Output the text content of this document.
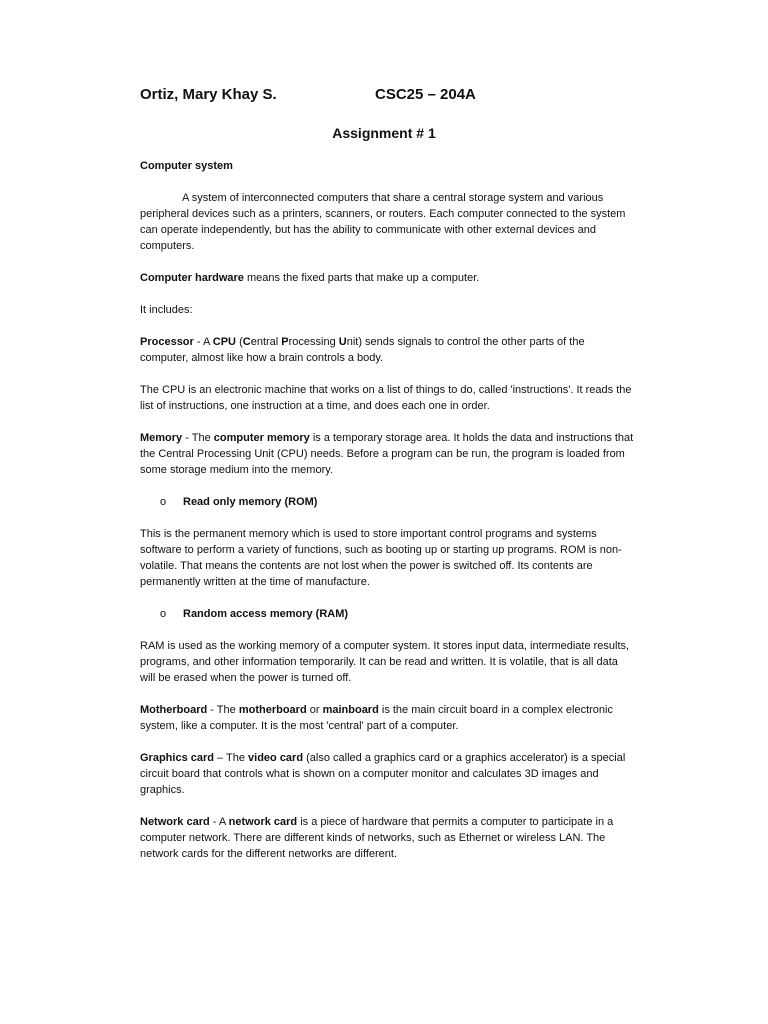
Ortiz, Mary Khay S.	CSC25 – 204A
Assignment # 1

Computer system

A system of interconnected computers that share a central storage system and various peripheral devices such as a printers, scanners, or routers. Each computer connected to the system can operate independently, but has the ability to communicate with other external devices and computers.

Computer hardware means the fixed parts that make up a computer.

It includes:

Processor - A CPU (Central Processing Unit) sends signals to control the other parts of the computer, almost like how a brain controls a body.

The CPU is an electronic machine that works on a list of things to do, called 'instructions'. It reads the list of instructions, one instruction at a time, and does each one in order.

Memory - The computer memory is a temporary storage area. It holds the data and instructions that the Central Processing Unit (CPU) needs. Before a program can be run, the program is loaded from some storage medium into the memory.

o Read only memory (ROM)

This is the permanent memory which is used to store important control programs and systems software to perform a variety of functions, such as booting up or starting up programs. ROM is non-volatile. That means the contents are not lost when the power is switched off. Its contents are permanently written at the time of manufacture.

o Random access memory (RAM)

RAM is used as the working memory of a computer system. It stores input data, intermediate results, programs, and other information temporarily. It can be read and written. It is volatile, that is all data will be erased when the power is turned off.

Motherboard - The motherboard or mainboard is the main circuit board in a complex electronic system, like a computer. It is the most 'central' part of a computer.

Graphics card – The video card (also called a graphics card or a graphics accelerator) is a special circuit board that controls what is shown on a computer monitor and calculates 3D images and graphics.

Network card - A network card is a piece of hardware that permits a computer to participate in a computer network. There are different kinds of networks, such as Ethernet or wireless LAN. The network cards for the different networks are different.
